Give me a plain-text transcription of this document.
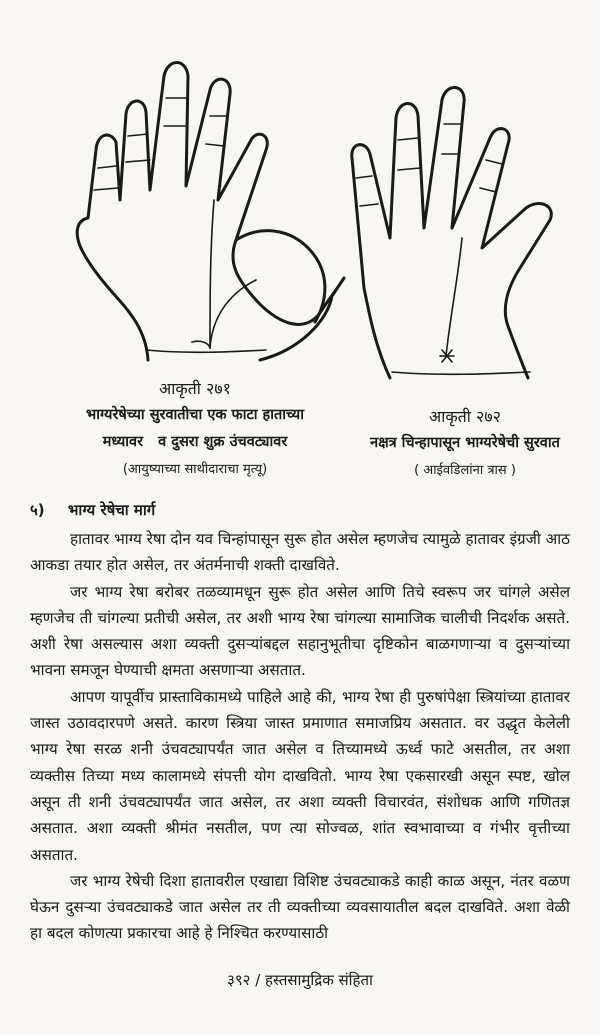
आकृती २७१
भाग्यरेषेच्या सुरवातीचा एक फाटा हाताच्या
मध्यावर   व दुसरा शुक्र उंचवट्यावर
(आयुष्याच्या साथीदाराचा मृत्यू)
आकृती २७२
नक्षत्र चिन्हापासून भाग्यरेषेची सुरवात
( आईवडिलांना त्रास )
५) भाग्य रेषेचा मार्ग

हातावर भाग्य रेषा दोन यव चिन्हांपासून सुरू होत असेल म्हणजेच त्यामुळे हातावर इंग्रजी आठ आकडा तयार होत असेल, तर अंतर्मनाची शक्ती दाखविते.

जर भाग्य रेषा बरोबर तळव्यामधून सुरू होत असेल आणि तिचे स्वरूप जर चांगले असेल म्हणजेच ती चांगल्या प्रतीची असेल, तर अशी भाग्य रेषा चांगल्या सामाजिक चालीची निदर्शक असते. अशी रेषा असल्यास अशा व्यक्ती दुसऱ्यांबद्दल सहानुभूतीचा दृष्टिकोन बाळगणाऱ्या व दुसऱ्यांच्या भावना समजून घेण्याची क्षमता असणाऱ्या असतात.

आपण यापूर्वीच प्रास्ताविकामध्ये पाहिले आहे की, भाग्य रेषा ही पुरुषांपेक्षा स्त्रियांच्या हातावर जास्त उठावदारपणे असते. कारण स्त्रिया जास्त प्रमाणात समाजप्रिय असतात. वर उद्धृत केलेली भाग्य रेषा सरळ शनी उंचवट्यापर्यंत जात असेल व तिच्यामध्ये ऊर्ध्व फाटे असतील, तर अशा व्यक्तीस तिच्या मध्य कालामध्ये संपत्ती योग दाखवितो. भाग्य रेषा एकसारखी असून स्पष्ट, खोल असून ती शनी उंचवट्यापर्यंत जात असेल, तर अशा व्यक्ती विचारवंत, संशोधक आणि गणितज्ञ असतात. अशा व्यक्ती श्रीमंत नसतील, पण त्या सोज्वळ, शांत स्वभावाच्या व गंभीर वृत्तीच्या असतात.

जर भाग्य रेषेची दिशा हातावरील एखाद्या विशिष्ट उंचवट्याकडे काही काळ असून, नंतर वळण घेऊन दुसऱ्या उंचवट्याकडे जात असेल तर ती व्यक्तीच्या व्यवसायातील बदल दाखविते. अशा वेळी हा बदल कोणत्या प्रकारचा आहे हे निश्चित करण्यासाठी

३९२ / हस्तसामुद्रिक संहिता
